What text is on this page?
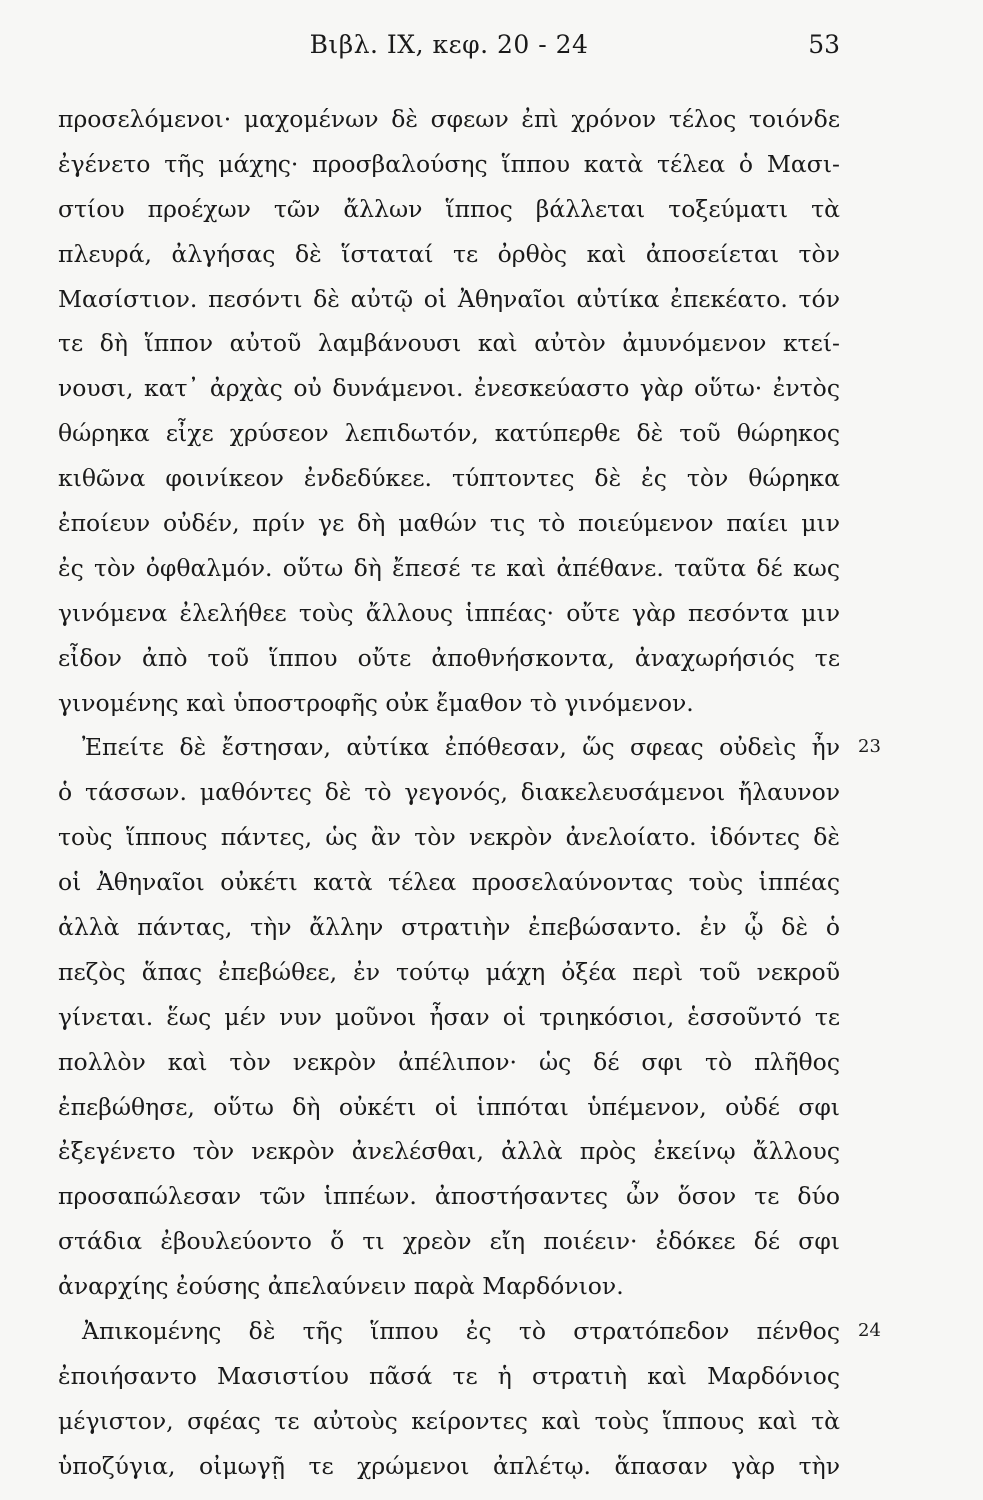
Βιβλ. IX, κεφ. 20 - 24	53
προσελόμενοι· μαχομένων δὲ σφεων ἐπὶ χρόνον τέλος τοιόνδε
ἐγένετο τῆς μάχης· προσβαλούσης ἵππου κατὰ τέλεα ὁ Μασι-
στίου προέχων τῶν ἄλλων ἵππος βάλλεται τοξεύματι τὰ
πλευρά, ἀλγήσας δὲ ἵσταταί τε ὀρθὸς καὶ ἀποσείεται τὸν
Μασίστιον. πεσόντι δὲ αὐτῷ οἱ Ἀθηναῖοι αὐτίκα ἐπεκέατο. τόν
τε δὴ ἵππον αὐτοῦ λαμβάνουσι καὶ αὐτὸν ἀμυνόμενον κτεί-
νουσι, κατ᾽ ἀρχὰς οὐ δυνάμενοι. ἐνεσκεύαστο γὰρ οὕτω· ἐντὸς
θώρηκα εἶχε χρύσεον λεπιδωτόν, κατύπερθε δὲ τοῦ θώρηκος
κιθῶνα φοινίκεον ἐνδεδύκεε. τύπτοντες δὲ ἐς τὸν θώρηκα
ἐποίευν οὐδέν, πρίν γε δὴ μαθών τις τὸ ποιεύμενον παίει μιν
ἐς τὸν ὀφθαλμόν. οὕτω δὴ ἔπεσέ τε καὶ ἀπέθανε. ταῦτα δέ κως
γινόμενα ἐλελήθεε τοὺς ἄλλους ἱππέας· οὔτε γὰρ πεσόντα μιν
εἶδον ἀπὸ τοῦ ἵππου οὔτε ἀποθνήσκοντα, ἀναχωρήσιός τε
γινομένης καὶ ὑποστροφῆς οὐκ ἔμαθον τὸ γινόμενον.
Ἐπείτε δὲ ἔστησαν, αὐτίκα ἐπόθεσαν, ὥς σφεας οὐδεὶς ἦν 23
ὁ τάσσων. μαθόντες δὲ τὸ γεγονός, διακελευσάμενοι ἤλαυνον
τοὺς ἵππους πάντες, ὡς ἂν τὸν νεκρὸν ἀνελοίατο. ἰδόντες δὲ
οἱ Ἀθηναῖοι οὐκέτι κατὰ τέλεα προσελαύνοντας τοὺς ἱππέας
ἀλλὰ πάντας, τὴν ἄλλην στρατιὴν ἐπεβώσαντο. ἐν ᾧ δὲ ὁ
πεζὸς ἅπας ἐπεβώθεε, ἐν τούτῳ μάχη ὀξέα περὶ τοῦ νεκροῦ
γίνεται. ἕως μέν νυν μοῦνοι ἦσαν οἱ τριηκόσιοι, ἑσσοῦντό τε
πολλὸν καὶ τὸν νεκρὸν ἀπέλιπον· ὡς δέ σφι τὸ πλῆθος
ἐπεβώθησε, οὕτω δὴ οὐκέτι οἱ ἱππόται ὑπέμενον, οὐδέ σφι
ἐξεγένετο τὸν νεκρὸν ἀνελέσθαι, ἀλλὰ πρὸς ἐκείνῳ ἄλλους
προσαπώλεσαν τῶν ἱππέων. ἀποστήσαντες ὦν ὅσον τε δύο
στάδια ἐβουλεύοντο ὅ τι χρεὸν εἴη ποιέειν· ἐδόκεε δέ σφι
ἀναρχίης ἐούσης ἀπελαύνειν παρὰ Μαρδόνιον.
Ἀπικομένης δὲ τῆς ἵππου ἐς τὸ στρατόπεδον πένθος 24
ἐποιήσαντο Μασιστίου πᾶσά τε ἡ στρατιὴ καὶ Μαρδόνιος
μέγιστον, σφέας τε αὐτοὺς κείροντες καὶ τοὺς ἵππους καὶ τὰ
ὑποζύγια, οἰμωγῇ τε χρώμενοι ἀπλέτῳ. ἅπασαν γὰρ τὴν
